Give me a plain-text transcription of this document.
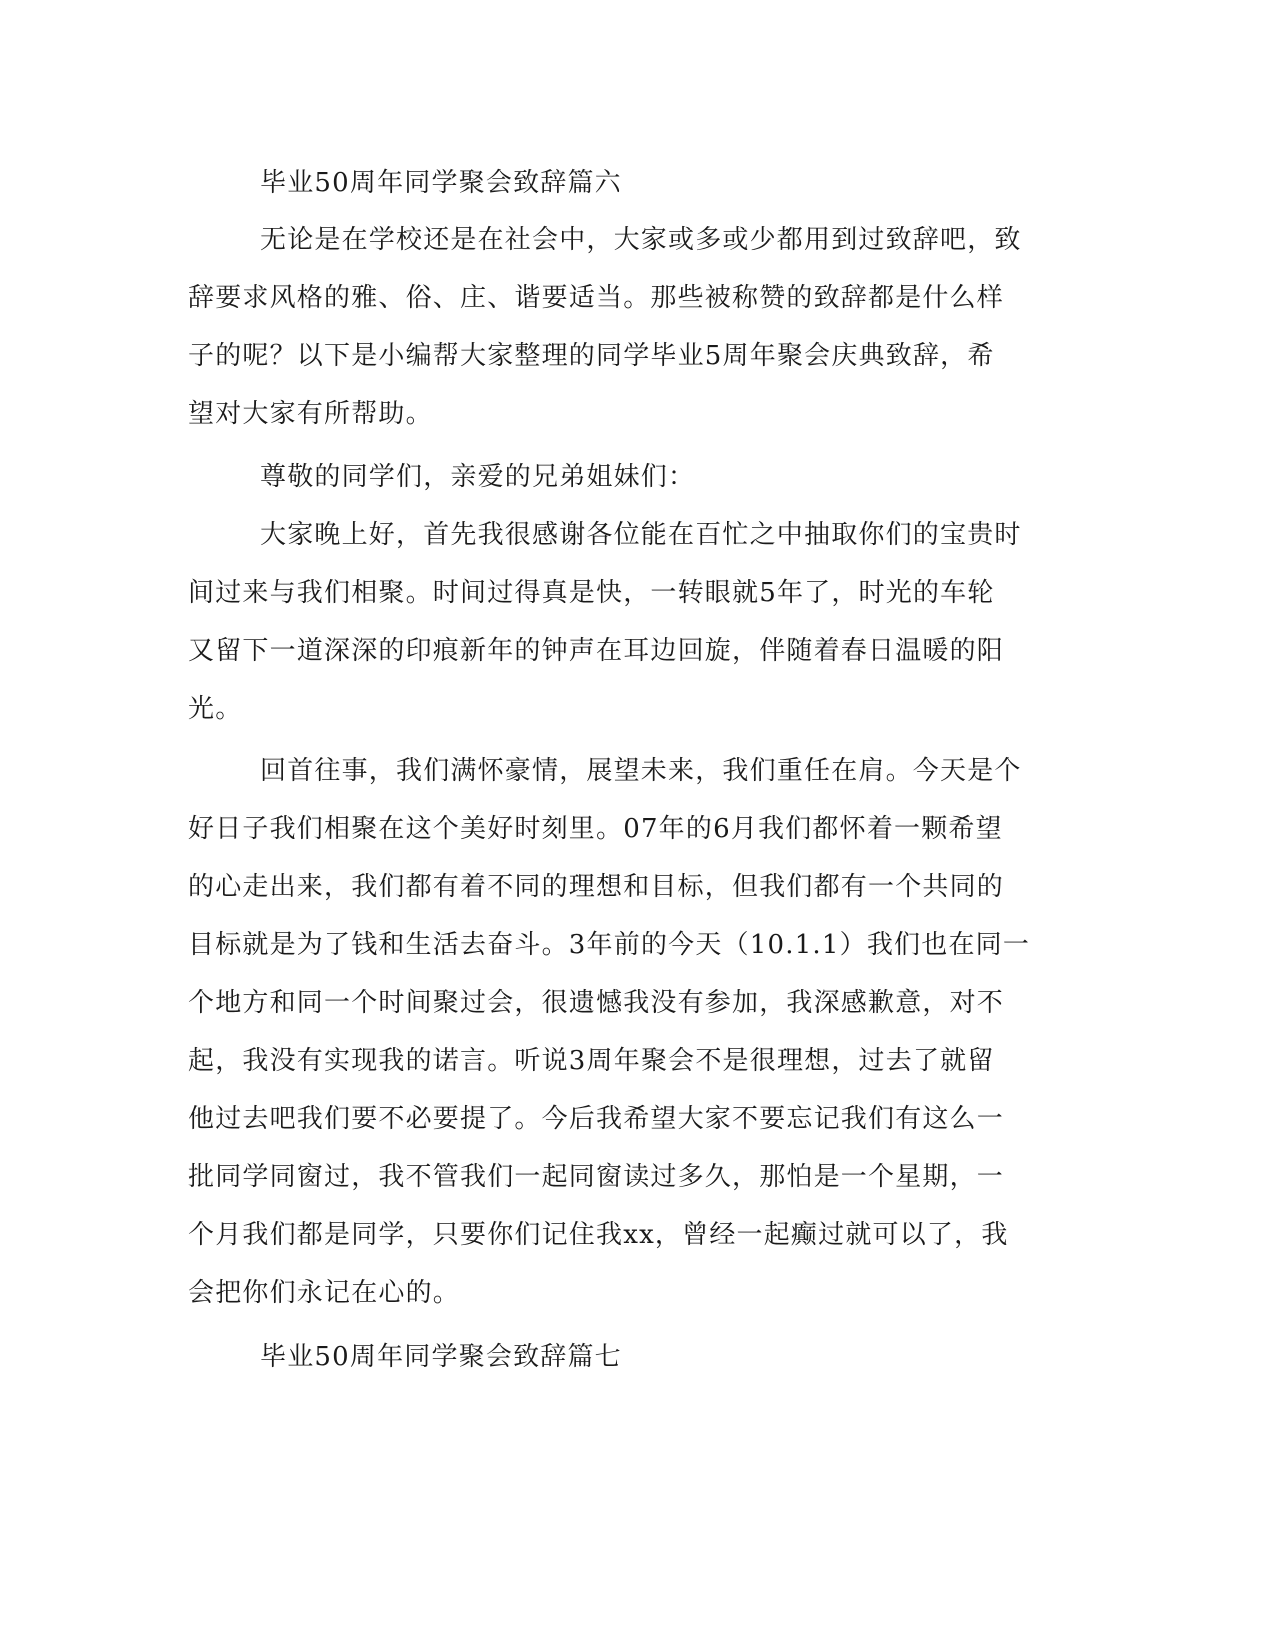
毕业50周年同学聚会致辞篇六
无论是在学校还是在社会中，大家或多或少都用到过致辞吧，致
辞要求风格的雅、俗、庄、谐要适当。那些被称赞的致辞都是什么样
子的呢？以下是小编帮大家整理的同学毕业5周年聚会庆典致辞，希
望对大家有所帮助。
尊敬的同学们，亲爱的兄弟姐妹们：
大家晚上好，首先我很感谢各位能在百忙之中抽取你们的宝贵时
间过来与我们相聚。时间过得真是快，一转眼就5年了，时光的车轮
又留下一道深深的印痕新年的钟声在耳边回旋，伴随着春日温暖的阳
光。
回首往事，我们满怀豪情，展望未来，我们重任在肩。今天是个
好日子我们相聚在这个美好时刻里。07年的6月我们都怀着一颗希望
的心走出来，我们都有着不同的理想和目标，但我们都有一个共同的
目标就是为了钱和生活去奋斗。3年前的今天（10.1.1）我们也在同一
个地方和同一个时间聚过会，很遗憾我没有参加，我深感歉意，对不
起，我没有实现我的诺言。听说3周年聚会不是很理想，过去了就留
他过去吧我们要不必要提了。今后我希望大家不要忘记我们有这么一
批同学同窗过，我不管我们一起同窗读过多久，那怕是一个星期，一
个月我们都是同学，只要你们记住我xx，曾经一起癫过就可以了，我
会把你们永记在心的。
毕业50周年同学聚会致辞篇七
